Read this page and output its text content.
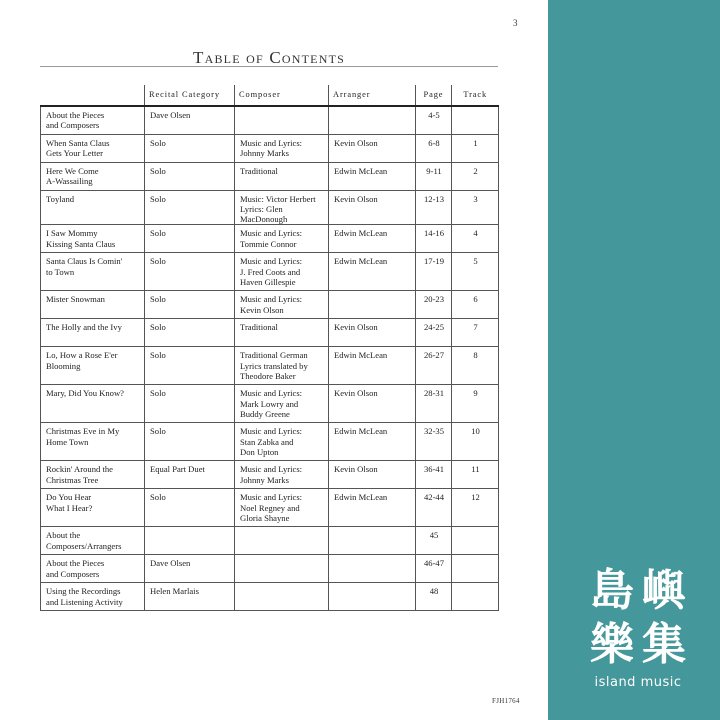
3
Table of Contents
	Recital Category	Composer	Arranger	Page	Track
About the Pieces
and Composers	Dave Olsen			4-5	
When Santa Claus
Gets Your Letter	Solo	Music and Lyrics:
Johnny Marks	Kevin Olson	6-8	1
Here We Come
A-Wassailing	Solo	Traditional	Edwin McLean	9-11	2
Toyland	Solo	Music: Victor Herbert
Lyrics: Glen MacDonough	Kevin Olson	12-13	3
I Saw Mommy
Kissing Santa Claus	Solo	Music and Lyrics:
Tommie Connor	Edwin McLean	14-16	4
Santa Claus Is Comin'
to Town	Solo	Music and Lyrics:
J. Fred Coots and
Haven Gillespie	Edwin McLean	17-19	5
Mister Snowman	Solo	Music and Lyrics:
Kevin Olson		20-23	6
The Holly and the Ivy	Solo	Traditional	Kevin Olson	24-25	7
Lo, How a Rose E'er
Blooming	Solo	Traditional German
Lyrics translated by
Theodore Baker	Edwin McLean	26-27	8
Mary, Did You Know?	Solo	Music and Lyrics:
Mark Lowry and
Buddy Greene	Kevin Olson	28-31	9
Christmas Eve in My
Home Town	Solo	Music and Lyrics:
Stan Zabka and
Don Upton	Edwin McLean	32-35	10
Rockin' Around the
Christmas Tree	Equal Part Duet	Music and Lyrics:
Johnny Marks	Kevin Olson	36-41	11
Do You Hear
What I Hear?	Solo	Music and Lyrics:
Noel Regney and
Gloria Shayne	Edwin McLean	42-44	12
About the
Composers/Arrangers				45	
About the Pieces
and Composers	Dave Olsen			46-47	
Using the Recordings
and Listening Activity	Helen Marlais			48	
FJH1764
島 嶼
樂 集
island music
